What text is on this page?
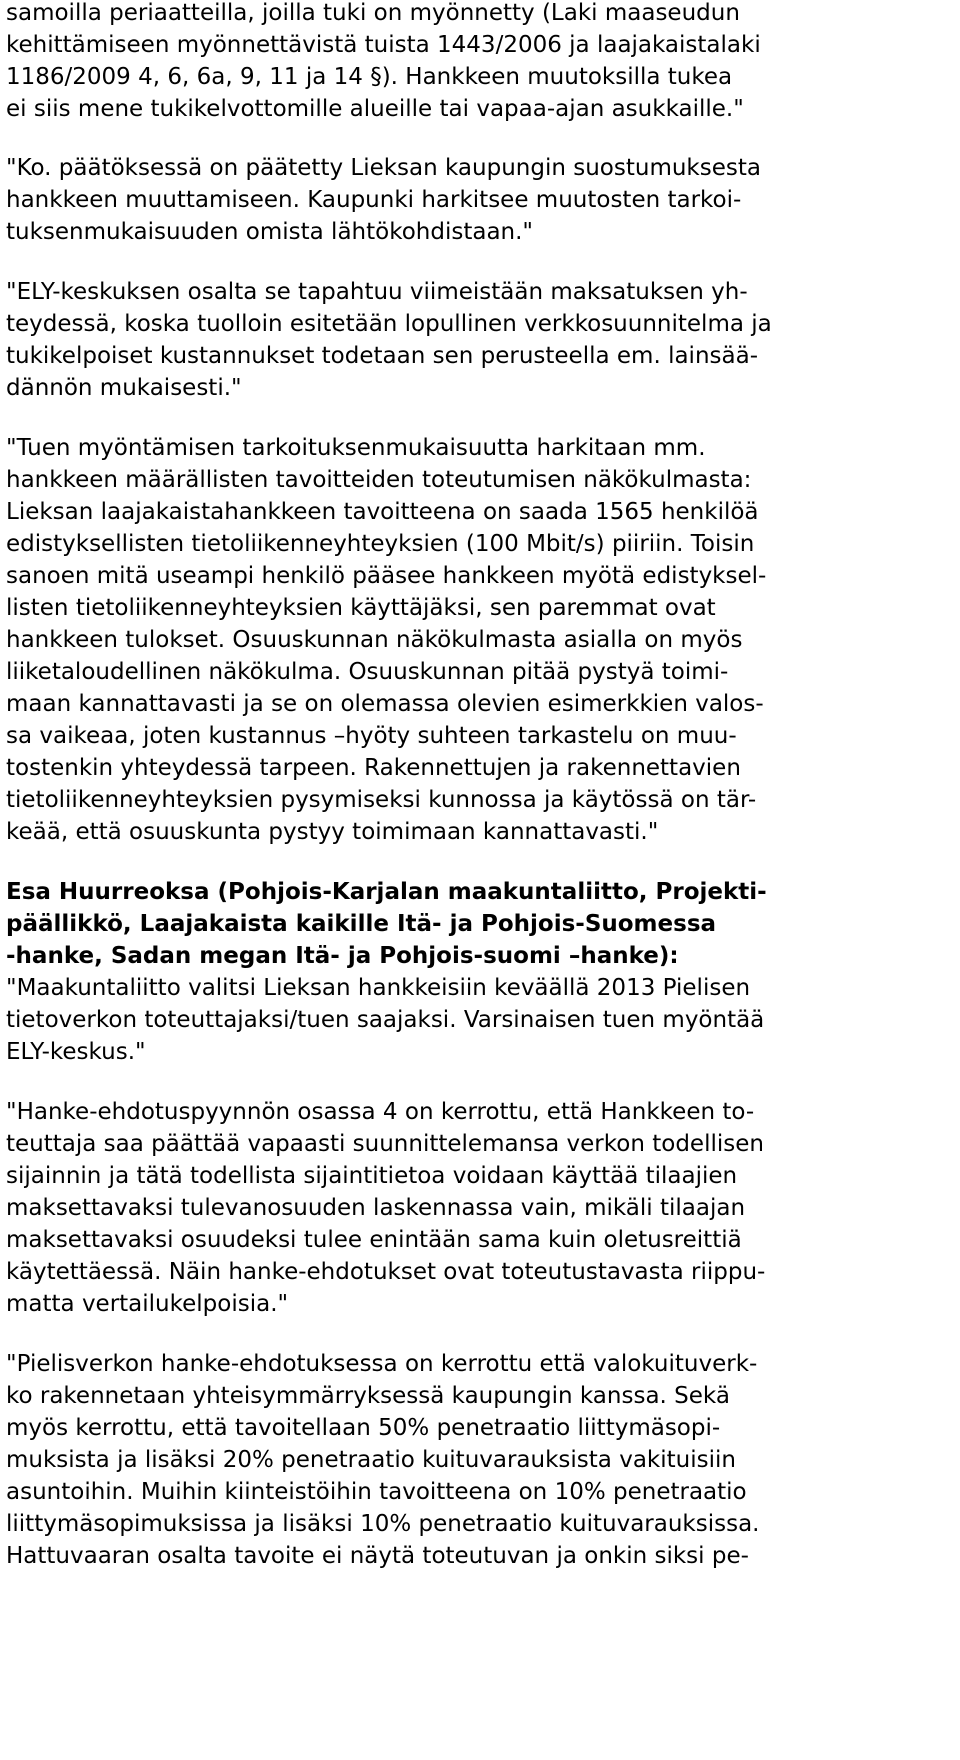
samoilla periaatteilla, joilla tuki on myönnetty (Laki maaseudun
kehittämiseen myönnettävistä tuista 1443/2006 ja laajakaistalaki
1186/2009 4, 6, 6a, 9, 11 ja 14 §). Hankkeen muutoksilla tukea
ei siis mene tukikelvottomille alueille tai vapaa-ajan asukkaille."
"Ko. päätöksessä on päätetty Lieksan kaupungin suostumuksesta
hankkeen muuttamiseen. Kaupunki harkitsee muutosten tarkoi-
tuksenmukaisuuden omista lähtökohdistaan."
"ELY-keskuksen osalta se tapahtuu viimeistään maksatuksen yh-
teydessä, koska tuolloin esitetään lopullinen verkkosuunnitelma ja
tukikelpoiset kustannukset todetaan sen perusteella em. lainsää-
dännön mukaisesti."
"Tuen myöntämisen tarkoituksenmukaisuutta harkitaan mm.
hankkeen määrällisten tavoitteiden toteutumisen näkökulmasta:
Lieksan laajakaistahankkeen tavoitteena on saada 1565 henkilöä
edistyksellisten tietoliikenneyhteyksien (100 Mbit/s) piiriin. Toisin
sanoen mitä useampi henkilö pääsee hankkeen myötä edistyksel-
listen tietoliikenneyhteyksien käyttäjäksi, sen paremmat ovat
hankkeen tulokset. Osuuskunnan näkökulmasta asialla on myös
liiketaloudellinen näkökulma. Osuuskunnan pitää pystyä toimi-
maan kannattavasti ja se on olemassa olevien esimerkkien valos-
sa vaikeaa, joten kustannus –hyöty suhteen tarkastelu on muu-
tostenkin yhteydessä tarpeen. Rakennettujen ja rakennettavien
tietoliikenneyhteyksien pysymiseksi kunnossa ja käytössä on tär-
keää, että osuuskunta pystyy toimimaan kannattavasti."
Esa Huurreoksa (Pohjois-Karjalan maakuntaliitto, Projekti-
päällikkö, Laajakaista kaikille Itä- ja Pohjois-Suomessa
-hanke, Sadan megan Itä- ja Pohjois-suomi –hanke):
"Maakuntaliitto valitsi Lieksan hankkeisiin keväällä 2013 Pielisen
tietoverkon toteuttajaksi/tuen saajaksi. Varsinaisen tuen myöntää
ELY-keskus."
"Hanke-ehdotuspyynnön osassa 4 on kerrottu, että Hankkeen to-
teuttaja saa päättää vapaasti suunnittelemansa verkon todellisen
sijainnin ja tätä todellista sijaintitietoa voidaan käyttää tilaajien
maksettavaksi tulevanosuuden laskennassa vain, mikäli tilaajan
maksettavaksi osuudeksi tulee enintään sama kuin oletusreittiä
käytettäessä. Näin hanke-ehdotukset ovat toteutustavasta riippu-
matta vertailukelpoisia."
"Pielisverkon hanke-ehdotuksessa on kerrottu että valokuituverk-
ko rakennetaan yhteisymmärryksessä kaupungin kanssa. Sekä
myös kerrottu, että tavoitellaan 50% penetraatio liittymäsopi-
muksista ja lisäksi 20% penetraatio kuituvarauksista vakituisiin
asuntoihin. Muihin kiinteistöihin tavoitteena on 10% penetraatio
liittymäsopimuksissa ja lisäksi 10% penetraatio kuituvarauksissa.
Hattuvaaran osalta tavoite ei näytä toteutuvan ja onkin siksi pe-
